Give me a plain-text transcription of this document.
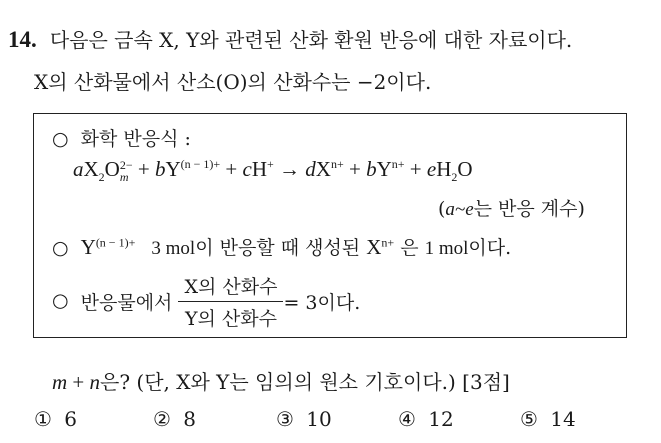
14. 다음은 금속 X, Y와 관련된 산화 환원 반응에 대한 자료이다.
X의 산화물에서 산소(O)의 산화수는 −2이다.
○ 화학 반응식 :
$aX_2O$ 2−
$m + bY^{(n - 1)+} + cH^+ \to dX^{n+} + bY^{n+} + eH_2O$
(a~e는 반응 계수)
○ $Y^{(n - 1)+}$ 3 mol이 반응할 때 생성된 $X^{n+}$ 은 1 mol이다.
○ 반응물에서 $\frac{\text{X의 산화수}}{\text{Y의 산화수}} = 3$이다.
m + n은? (단, X와 Y는 임의의 원소 기호이다.) [3점]
① 6	② 8	③ 10	④ 12	⑤ 14
